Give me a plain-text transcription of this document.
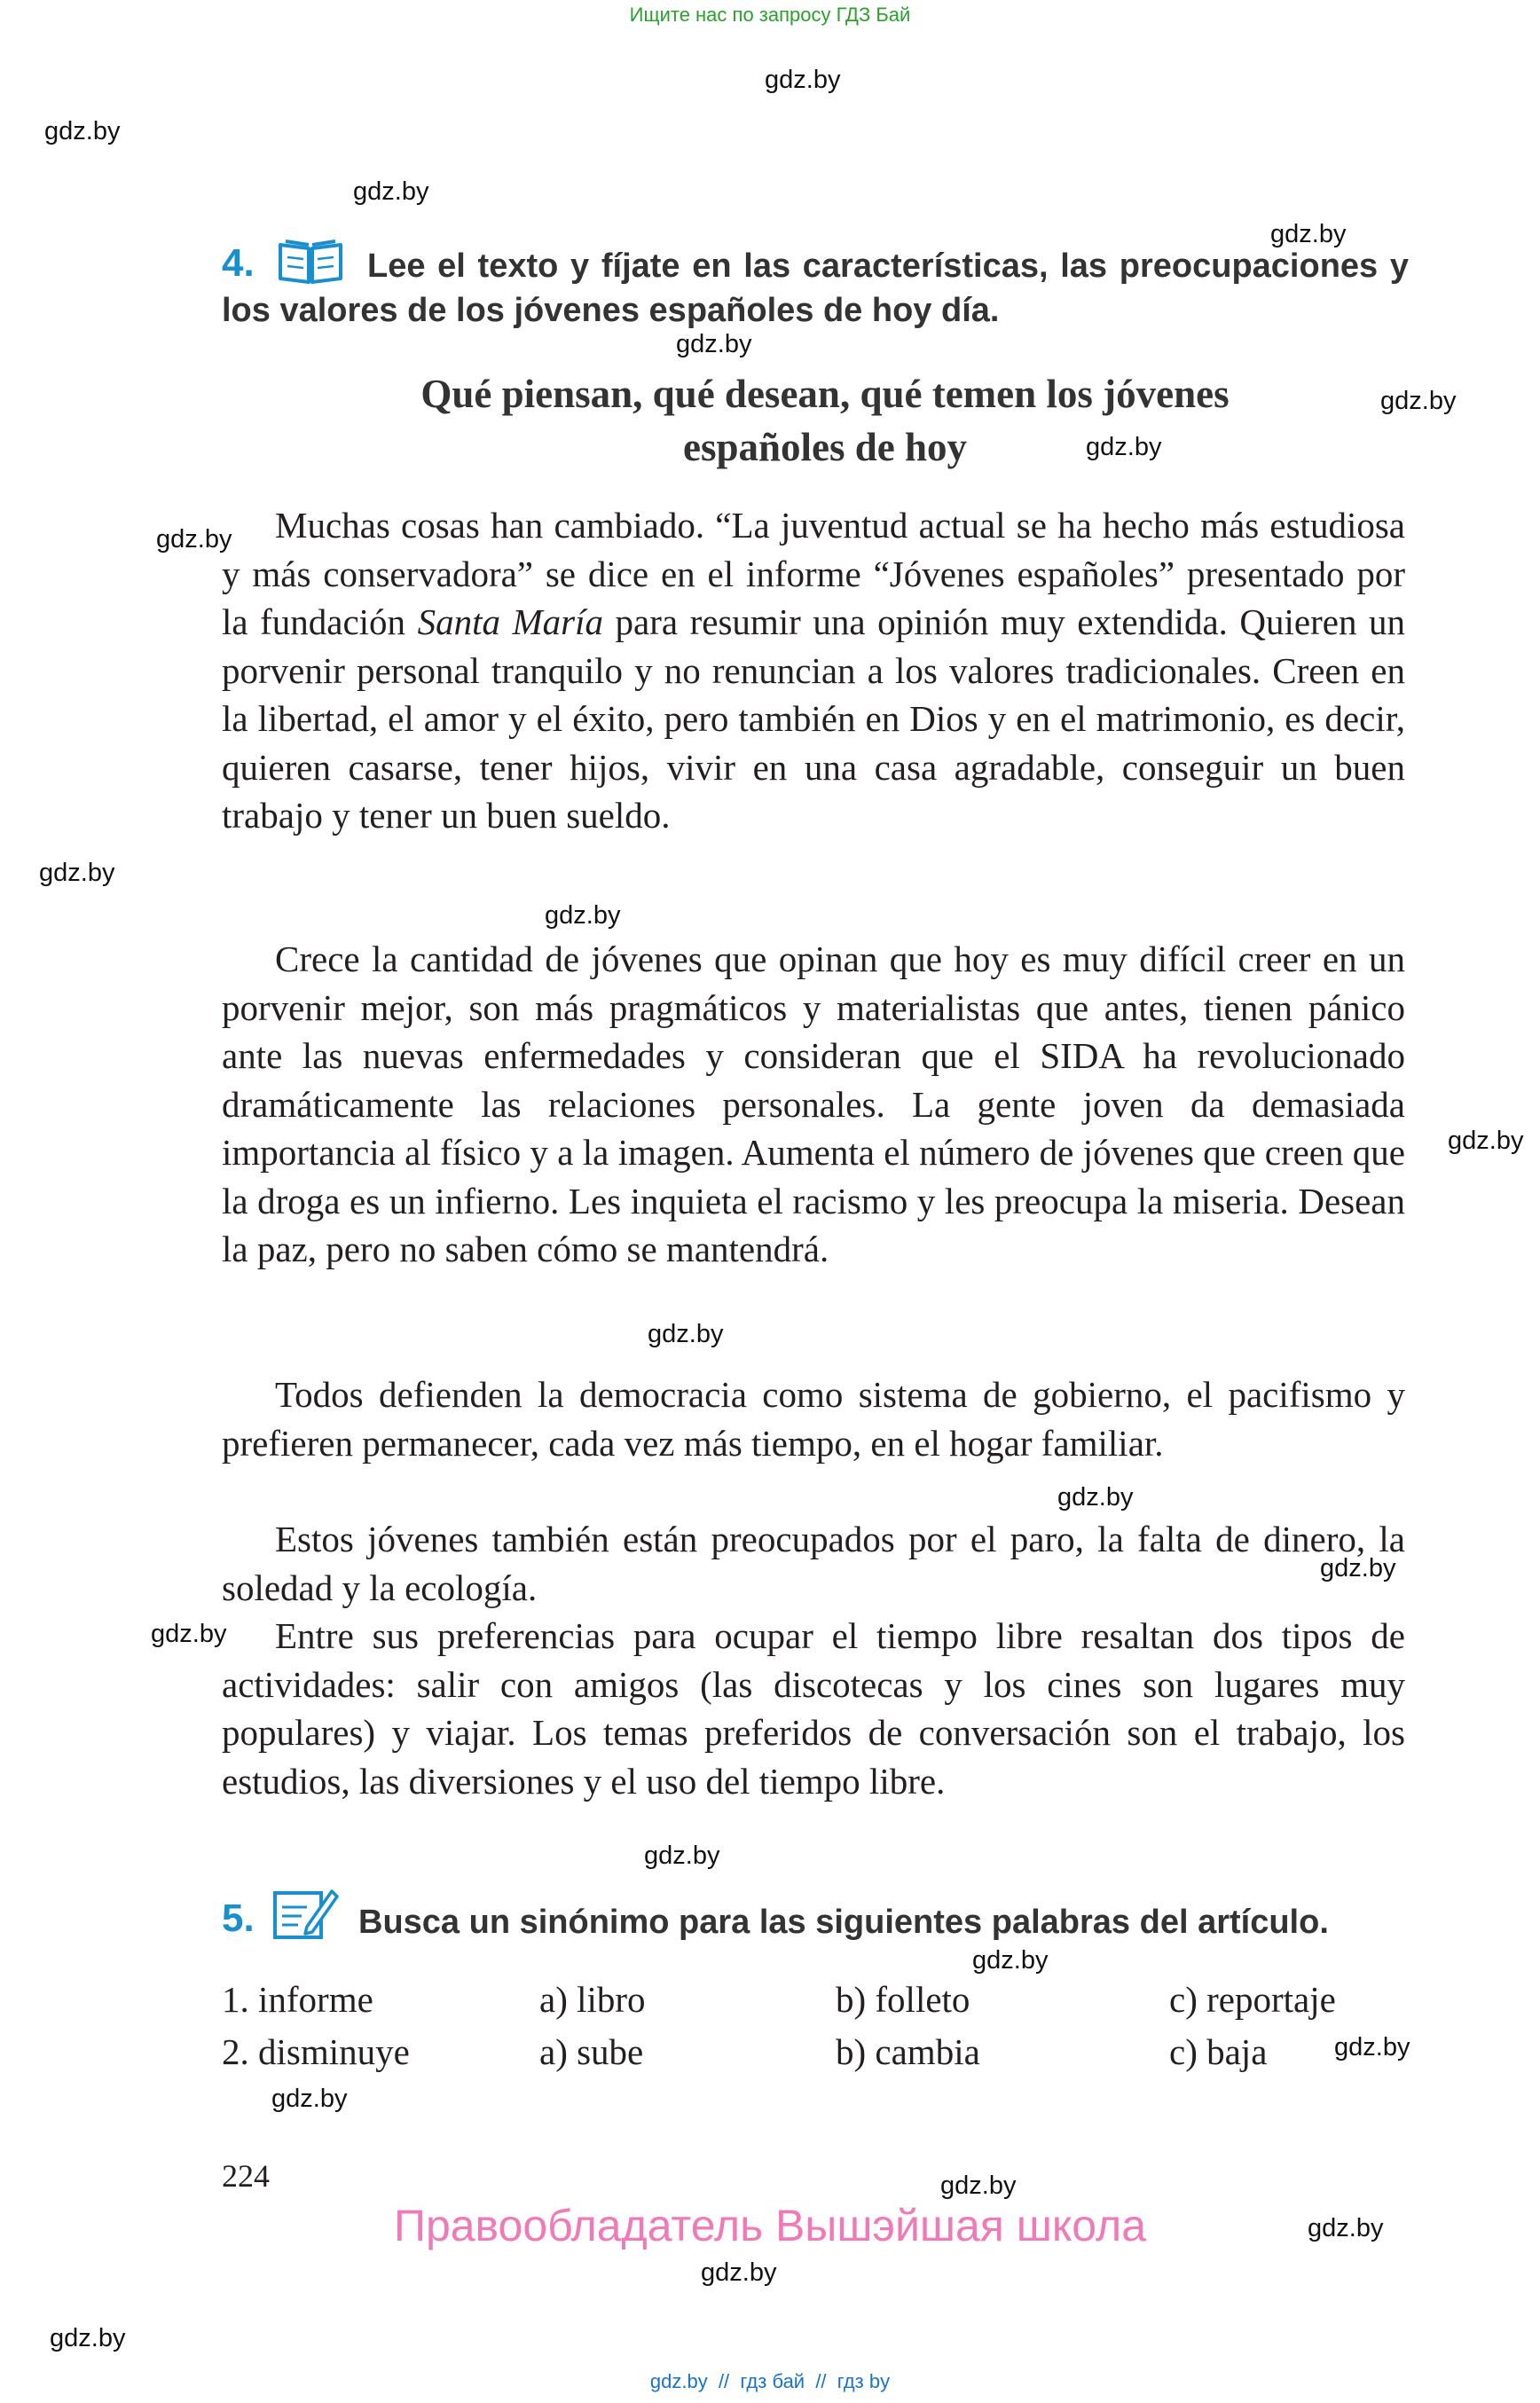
Ищите нас по запросу ГДЗ Бай
gdz.by
gdz.by
gdz.by
gdz.by
gdz.by
gdz.by
gdz.by
gdz.by
gdz.by
gdz.by
gdz.by
gdz.by
gdz.by
gdz.by
gdz.by
gdz.by
gdz.by
gdz.by
gdz.by
gdz.by
gdz.by
gdz.by
gdz.by
4.	Lee el texto y fíjate en las características, las preocupaciones y los valores de los jóvenes españoles de hoy día.
Qué piensan, qué desean, qué temen los jóvenes
españoles de hoy
Muchas cosas han cambiado. “La juventud actual se ha hecho más estudiosa y más conservadora” se dice en el informe “Jóvenes españoles” presentado por la fundación Santa María para resumir una opinión muy extendida. Quieren un porvenir personal tranquilo y no renuncian a los valores tradicionales. Creen en la libertad, el amor y el éxito, pero también en Dios y en el matrimonio, es decir, quieren casarse, tener hijos, vivir en una casa agradable, conseguir un buen trabajo y tener un buen sueldo.
Crece la cantidad de jóvenes que opinan que hoy es muy difícil creer en un porvenir mejor, son más pragmáticos y materialistas que antes, tienen pánico ante las nuevas enfermedades y consideran que el SIDA ha revolucionado dramáticamente las relaciones personales. La gente joven da demasiada importancia al físico y a la imagen. Aumenta el número de jóvenes que creen que la droga es un infierno. Les inquieta el racismo y les preocupa la miseria. Desean la paz, pero no saben cómo se mantendrá.
Todos defienden la democracia como sistema de gobierno, el pacifismo y prefieren permanecer, cada vez más tiempo, en el hogar familiar.
Estos jóvenes también están preocupados por el paro, la falta de dinero, la soledad y la ecología.
Entre sus preferencias para ocupar el tiempo libre resaltan dos tipos de actividades: salir con amigos (las discotecas y los cines son lugares muy populares) y viajar. Los temas preferidos de conversación son el trabajo, los estudios, las diversiones y el uso del tiempo libre.
5.	Busca un sinónimo para las siguientes palabras del artículo.
1. informe	a) libro	b) folleto	c) reportaje
2. disminuye	a) sube	b) cambia	c) baja
224
Правообладатель Вышэйшая школа
gdz.by  //  гдз бай  //  гдз by
